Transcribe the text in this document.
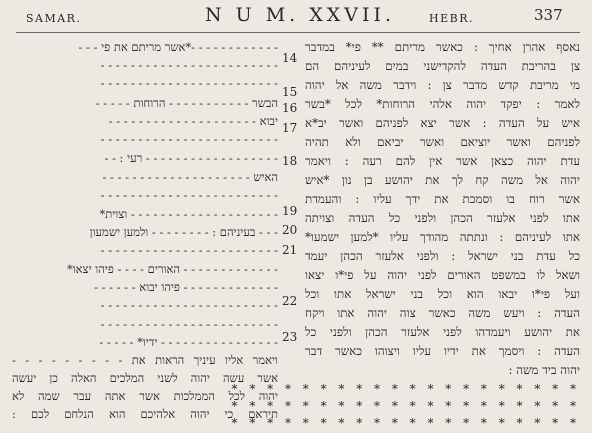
SAMAR.	N U M. XXVII.	HEBR.	337
- - - - - - - - - - - -*אשר מריתם את פי - - -
- - - - - - - - - - - - - - - - - - - - - - - -
- - - - - - - - - - - - - - - - - - - - - - - -
הבשר - - - - - - - - - - - הרוחות - - - - -
יבוא - - - - - - - - - - - - - - - - - - - -
- - - - - - - - - - - - - - - - - - - - - - - -
- - - - - - - - - - - - - - - - - - רעי : - -
האיש - - - - - - - - - - - - - - - - - - - -
- - - - - - - - - - - - - - - - - - - - - - - -
- - - - - - - - - - - - - - - - - - - - וצוית*
- - - בעיניהם : - - - - - - - - ולמען ישמעון
- - - - - - - - - - - - - - - - - - - - - - - -
- - - - - - - - - - - - - האורים - - - - פיהו יצאו*
- - - - - - - - - - - - - פיהו יבוא - - - - - -
- - - - - - - - - - - - - - - - - - - - - - - -
- - - - - - - - - - - - - - - - - - - - - - - -
- - - - - - - - - - - - - - - - ידיו* - - - - -
ויאמר אליו עיניך הראות את - - - - - - - - -
אשר עשה יהוה לשני המלכים האלה כן יעשה
יהוה לכל הממלכות אשר אתה עבר שמה לא
תיראם כי יהוה אלהיכם הוא הנלחם לכם :
14
15
16
17
18
19
20
21
22
23
נאסף אהרן אחיך : כאשר מריתם ** פי* במדבר
צן בהריבת העדה להקדישני במים לעיניהם הם
מי מריבת קדש מדבר צן : וידבר משה אל יהוה
לאמר : יפקד יהוה אלהי הרוחות* לכל *בשר
איש על העדה : אשר יצא לפניהם ואשר יב*א
לפניהם ואשר יוציאם ואשר יביאם ולא תהיה
עדת יהוה כצאן אשר אין להם רעה : ויאמר
יהוה אל משה קח לך את יהושע בן נון *איש
אשר רוח בו וסמכת את ידך עליו : והעמדת
אתו לפני אלעזר הכהן ולפני כל העדה וצויתה
אתו לעיניהם : ונתתה מהודך עליו *למען ישמעו*
כל עדת בני ישראל : ולפני אלעזר הכהן יעמד
ושאל לו במשפט האורים לפני יהוה על פי*ו יצאו
ועל פי*ו יבאו הוא וכל בני ישראל אתו וכל
העדה : ויעש משה כאשר צוה יהוה אתו ויקח
את יהושע ויעמדהו לפני אלעזר הכהן ולפני כל
העדה : ויסמך את ידיו עליו ויצוהו כאשר דבר
יהוה ביד משה :
* * * * * * * * * * * * * * * * * * * *
* * * * * * * * * * * * * * * * * * * *
* * * * * * * * * * * * * * * * * * * *
